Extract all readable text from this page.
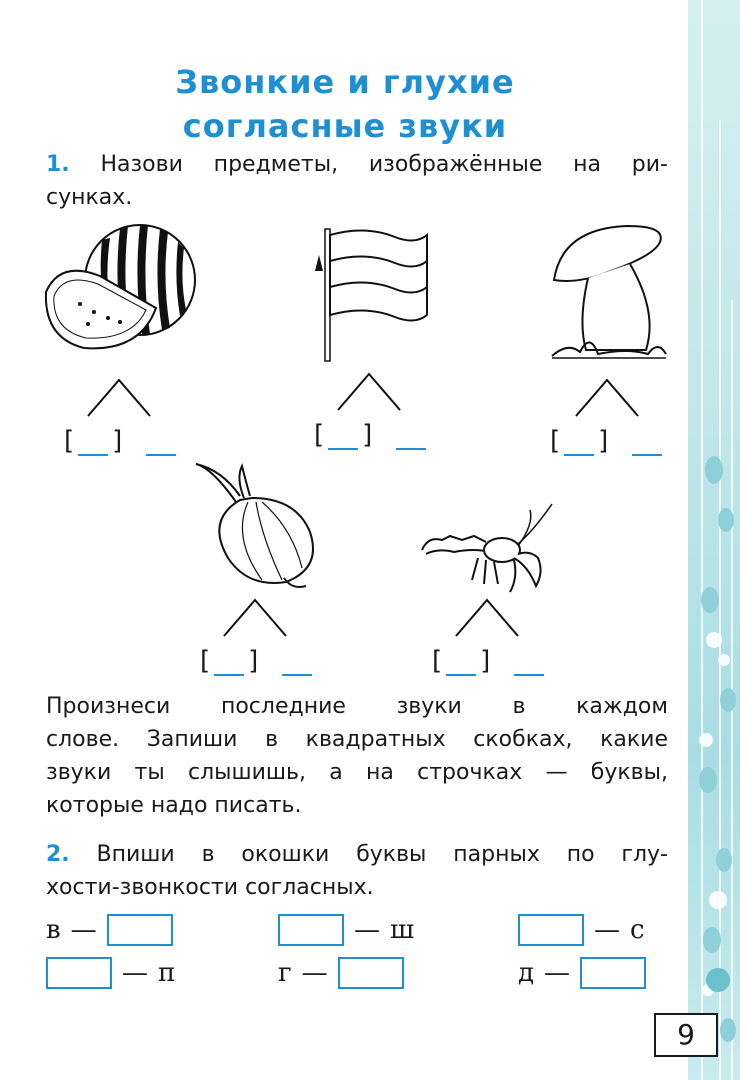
Звонкие и глухие
согласные звуки
1. Назови предметы, изображённые на ри-
сунках.
[ ]	[ ]	[ ]
[ ]	[ ]
Произнеси последние звуки в каждом
слове. Запиши в квадратных скобках, какие
звуки ты слышишь, а на строчках — буквы,
которые надо писать.
2. Впиши в окошки буквы парных по глу-
хости-звонкости согласных.
в —	— ш	— с
— п	г —	д —
9
